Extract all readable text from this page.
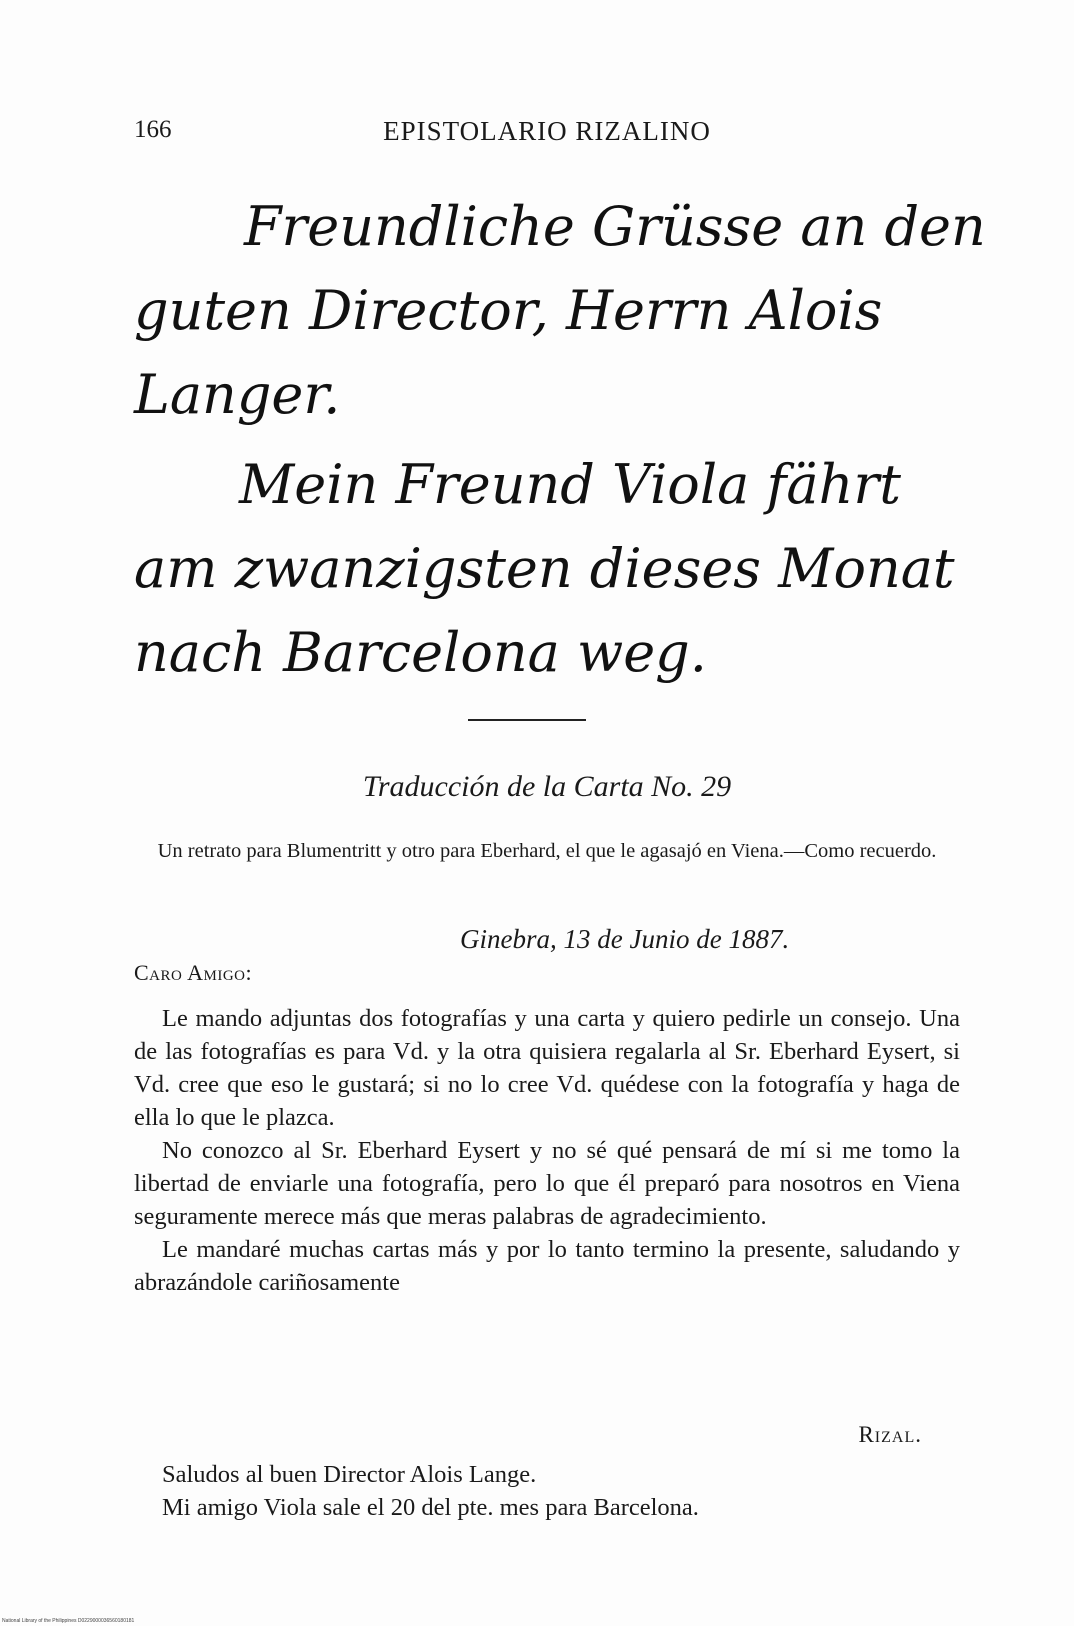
166	EPISTOLARIO RIZALINO
Freundliche Grüsse an den
guten Director, Herrn Alois
Langer.
Mein Freund Viola fährt
am zwanzigsten dieses Monat
nach Barcelona weg.
Traducción de la Carta No. 29
Un retrato para Blumentritt y otro para Eberhard, el que le agasajó en Viena.—Como recuerdo.
Ginebra, 13 de Junio de 1887.
Caro Amigo:

Le mando adjuntas dos fotografías y una carta y quiero pedirle un consejo. Una de las fotografías es para Vd. y la otra quisiera regalarla al Sr. Eberhard Eysert, si Vd. cree que eso le gustará; si no lo cree Vd. quédese con la fotografía y haga de ella lo que le plazca.

No conozco al Sr. Eberhard Eysert y no sé qué pensará de mí si me tomo la libertad de enviarle una fotografía, pero lo que él preparó para nosotros en Viena seguramente merece más que meras palabras de agradecimiento.

Le mandaré muchas cartas más y por lo tanto termino la presente, saludando y abrazándole cariñosamente

Rizal.
Saludos al buen Director Alois Lange.
Mi amigo Viola sale el 20 del pte. mes para Barcelona.
National Library of the Philippines D0229000036560180181
